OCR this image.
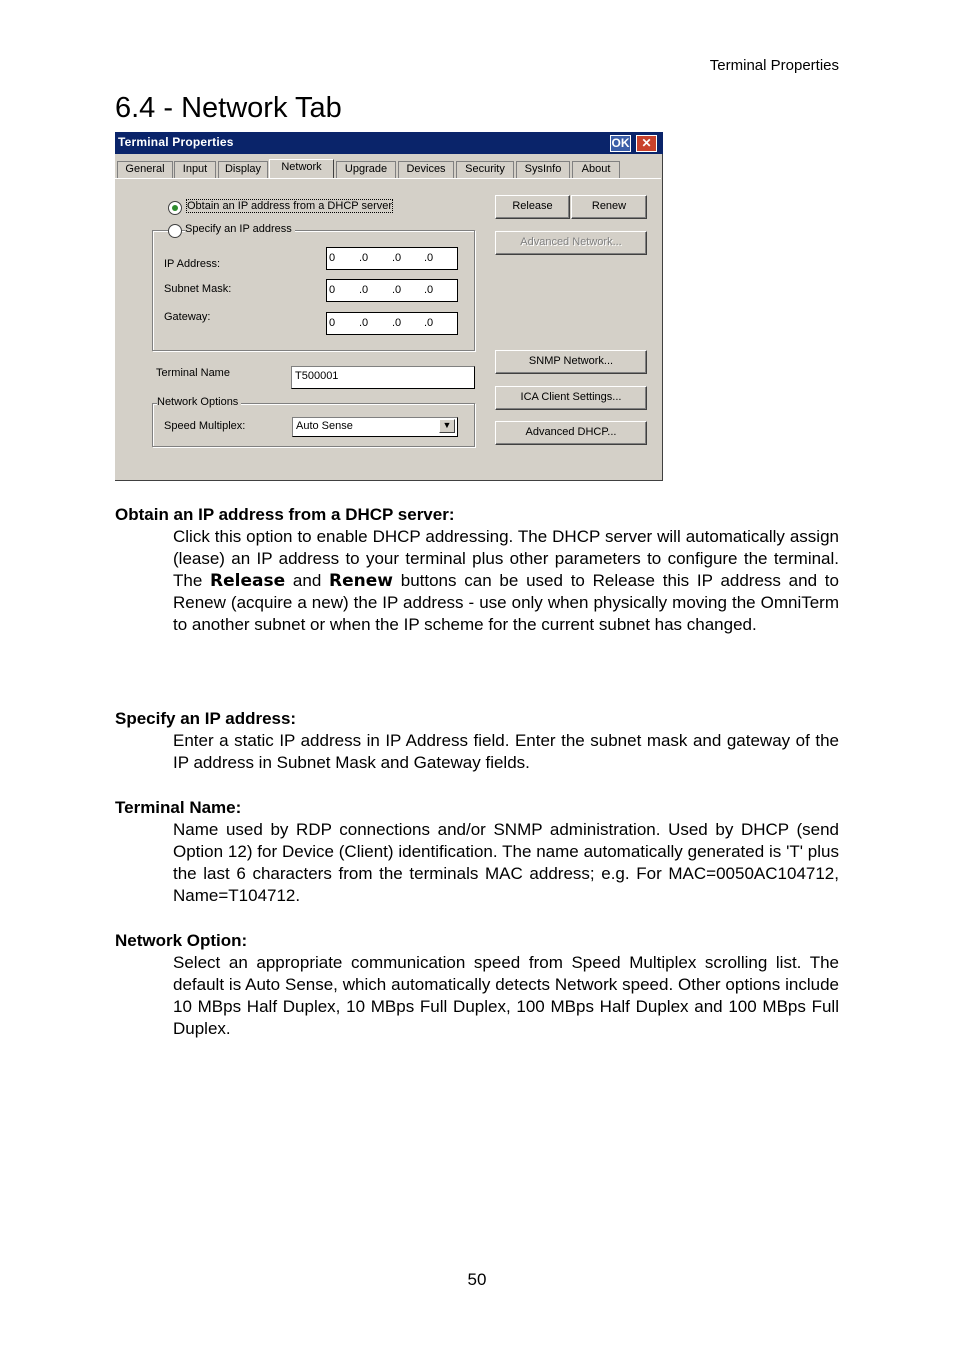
Terminal Properties
6.4 - Network Tab
Terminal Properties	OK ✕
General	Input	Display	Network	Upgrade	Devices	Security	SysInfo	About
Obtain an IP address from a DHCP server
Specify an IP address
IP Address:	0 .0 .0 .0
Subnet Mask:	0 .0 .0 .0
Gateway:	0 .0 .0 .0
Terminal Name	T500001
Network Options
Speed Multiplex:	Auto Sense	▼
Release	Renew
Advanced Network...
SNMP Network...
ICA Client Settings...
Advanced DHCP...
Obtain an IP address from a DHCP server:
Click this option to enable DHCP addressing. The DHCP server will automatically assign (lease) an IP address to your terminal plus other parameters to configure the terminal. The Release and Renew buttons can be used to Release this IP address and to Renew (acquire a new) the IP address - use only when physically moving the OmniTerm to another subnet or when the IP scheme for the current subnet has changed.
Specify an IP address:
Enter a static IP address in IP Address field. Enter the subnet mask and gateway of the IP address in Subnet Mask and Gateway fields.
Terminal Name:
Name used by RDP connections and/or SNMP administration. Used by DHCP (send Option 12) for Device (Client) identification. The name automatically generated is 'T' plus the last 6 characters from the terminals MAC address; e.g. For MAC=0050AC104712, Name=T104712.
Network Option:
Select an appropriate communication speed from Speed Multiplex scrolling list. The default is Auto Sense, which automatically detects Network speed. Other options include 10 MBps Half Duplex, 10 MBps Full Duplex, 100 MBps Half Duplex and 100 MBps Full Duplex.
50
